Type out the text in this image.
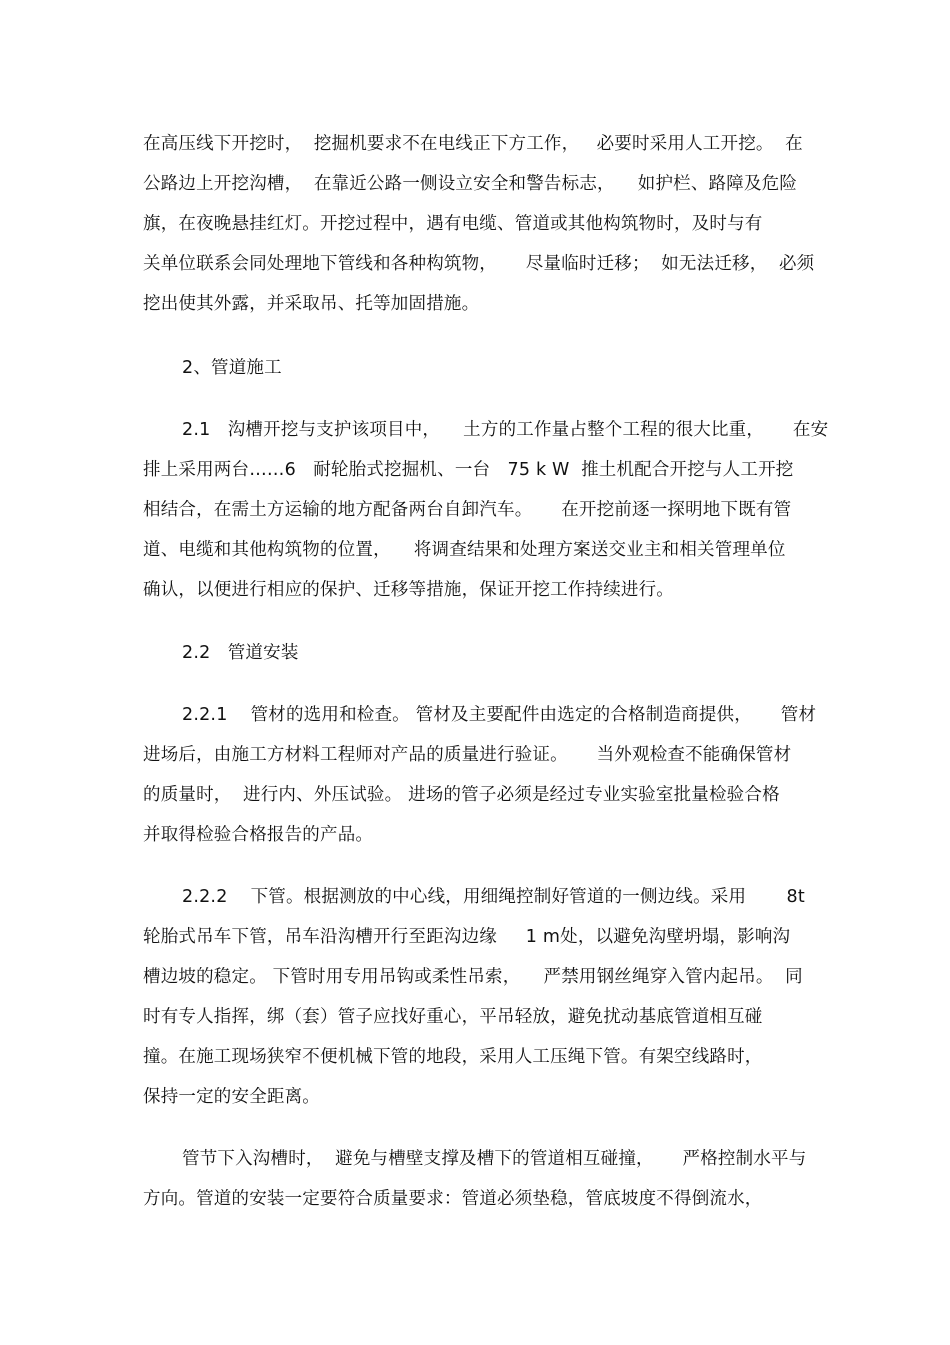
在高压线下开挖时，  挖掘机要求不在电线正下方工作，   必要时采用人工开挖。  在
公路边上开挖沟槽，  在靠近公路一侧设立安全和警告标志，    如护栏、路障及危险
旗，在夜晚悬挂红灯。开挖过程中，遇有电缆、管道或其他构筑物时，及时与有
关单位联系会同处理地下管线和各种构筑物，     尽量临时迁移；  如无法迁移，  必须
挖出使其外露，并采取吊、托等加固措施。
2、管道施工
2.1   沟槽开挖与支护该项目中，    土方的工作量占整个工程的很大比重，     在安
排上采用两台……6   耐轮胎式挖掘机、一台   75 k W  推土机配合开挖与人工开挖
相结合，在需土方运输的地方配备两台自卸汽车。     在开挖前逐一探明地下既有管
道、电缆和其他构筑物的位置，    将调查结果和处理方案送交业主和相关管理单位
确认，以便进行相应的保护、迁移等措施，保证开挖工作持续进行。
2.2   管道安装
2.2.1    管材的选用和检查。 管材及主要配件由选定的合格制造商提供，     管材
进场后，由施工方材料工程师对产品的质量进行验证。     当外观检查不能确保管材
的质量时，  进行内、外压试验。 进场的管子必须是经过专业实验室批量检验合格
并取得检验合格报告的产品。
2.2.2    下管。根据测放的中心线，用细绳控制好管道的一侧边线。采用       8t
轮胎式吊车下管，吊车沿沟槽开行至距沟边缘     1 m处，以避免沟壁坍塌，影响沟
槽边坡的稳定。 下管时用专用吊钩或柔性吊索，    严禁用钢丝绳穿入管内起吊。  同
时有专人指挥，绑（套）管子应找好重心，平吊轻放，避免扰动基底管道相互碰
撞。在施工现场狭窄不便机械下管的地段，采用人工压绳下管。有架空线路时，
保持一定的安全距离。
管节下入沟槽时，  避免与槽壁支撑及槽下的管道相互碰撞，     严格控制水平与
方向。管道的安装一定要符合质量要求：管道必须垫稳，管底坡度不得倒流水，
